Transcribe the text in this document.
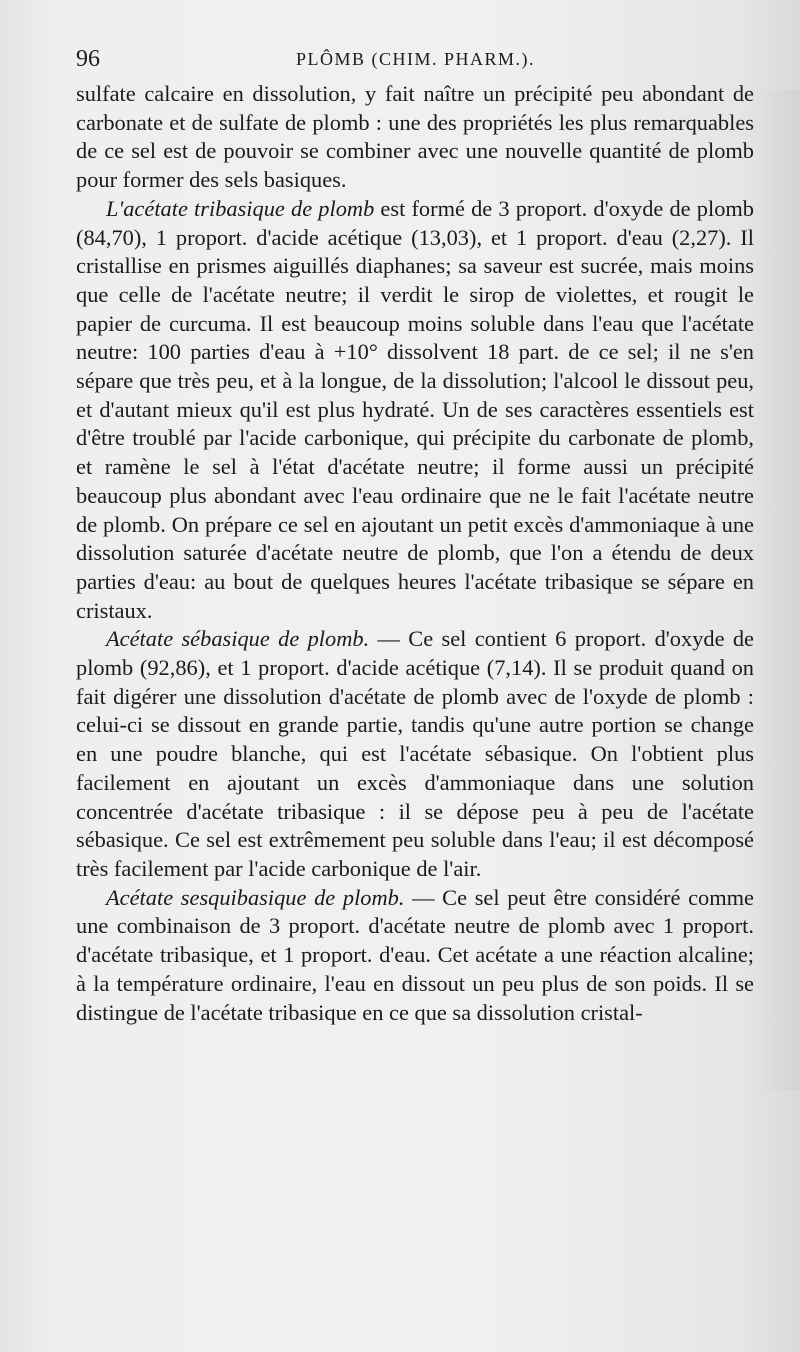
96	PLÔMB (CHIM. PHARM.).

sulfate calcaire en dissolution, y fait naître un précipité peu abondant de carbonate et de sulfate de plomb : une des propriétés les plus remarquables de ce sel est de pouvoir se combiner avec une nouvelle quantité de plomb pour former des sels basiques.

L'acétate tribasique de plomb est formé de 3 proport. d'oxyde de plomb (84,70), 1 proport. d'acide acétique (13,03), et 1 proport. d'eau (2,27). Il cristallise en prismes aiguillés diaphanes; sa saveur est sucrée, mais moins que celle de l'acétate neutre; il verdit le sirop de violettes, et rougit le papier de curcuma. Il est beaucoup moins soluble dans l'eau que l'acétate neutre: 100 parties d'eau à +10° dissolvent 18 part. de ce sel; il ne s'en sépare que très peu, et à la longue, de la dissolution; l'alcool le dissout peu, et d'autant mieux qu'il est plus hydraté. Un de ses caractères essentiels est d'être troublé par l'acide carbonique, qui précipite du carbonate de plomb, et ramène le sel à l'état d'acétate neutre; il forme aussi un précipité beaucoup plus abondant avec l'eau ordinaire que ne le fait l'acétate neutre de plomb. On prépare ce sel en ajoutant un petit excès d'ammoniaque à une dissolution saturée d'acétate neutre de plomb, que l'on a étendu de deux parties d'eau: au bout de quelques heures l'acétate tribasique se sépare en cristaux.

Acétate sébasique de plomb. — Ce sel contient 6 proport. d'oxyde de plomb (92,86), et 1 proport. d'acide acétique (7,14). Il se produit quand on fait digérer une dissolution d'acétate de plomb avec de l'oxyde de plomb : celui-ci se dissout en grande partie, tandis qu'une autre portion se change en une poudre blanche, qui est l'acétate sébasique. On l'obtient plus facilement en ajoutant un excès d'ammoniaque dans une solution concentrée d'acétate tribasique : il se dépose peu à peu de l'acétate sébasique. Ce sel est extrêmement peu soluble dans l'eau; il est décomposé très facilement par l'acide carbonique de l'air.

Acétate sesquibasique de plomb. — Ce sel peut être considéré comme une combinaison de 3 proport. d'acétate neutre de plomb avec 1 proport. d'acétate tribasique, et 1 proport. d'eau. Cet acétate a une réaction alcaline; à la température ordinaire, l'eau en dissout un peu plus de son poids. Il se distingue de l'acétate tribasique en ce que sa dissolution cristal-
